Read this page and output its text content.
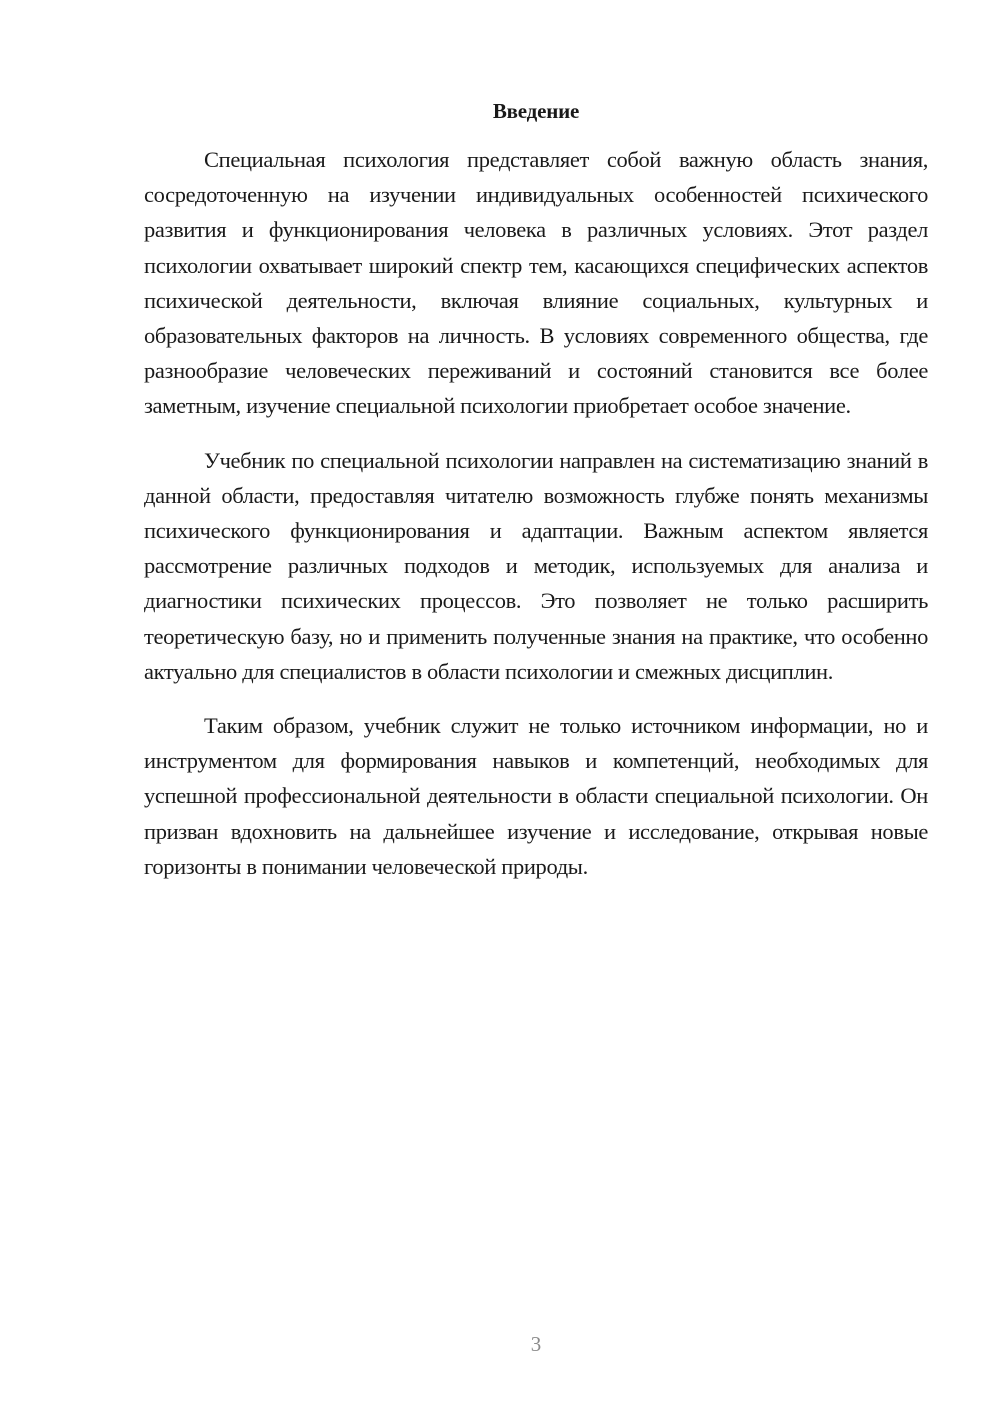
Введение

Специальная психология представляет собой важную область знания, сосредоточенную на изучении индивидуальных особенностей психического развития и функционирования человека в различных условиях. Этот раздел психологии охватывает широкий спектр тем, касающихся специфических аспектов психической деятельности, включая влияние социальных, культурных и образовательных факторов на личность. В условиях современного общества, где разнообразие человеческих переживаний и состояний становится все более заметным, изучение специальной психологии приобретает особое значение.

Учебник по специальной психологии направлен на систематизацию знаний в данной области, предоставляя читателю возможность глубже понять механизмы психического функционирования и адаптации. Важным аспектом является рассмотрение различных подходов и методик, используемых для анализа и диагностики психических процессов. Это позволяет не только расширить теоретическую базу, но и применить полученные знания на практике, что особенно актуально для специалистов в области психологии и смежных дисциплин.

Таким образом, учебник служит не только источником информации, но и инструментом для формирования навыков и компетенций, необходимых для успешной профессиональной деятельности в области специальной психологии. Он призван вдохновить на дальнейшее изучение и исследование, открывая новые горизонты в понимании человеческой природы.

3
